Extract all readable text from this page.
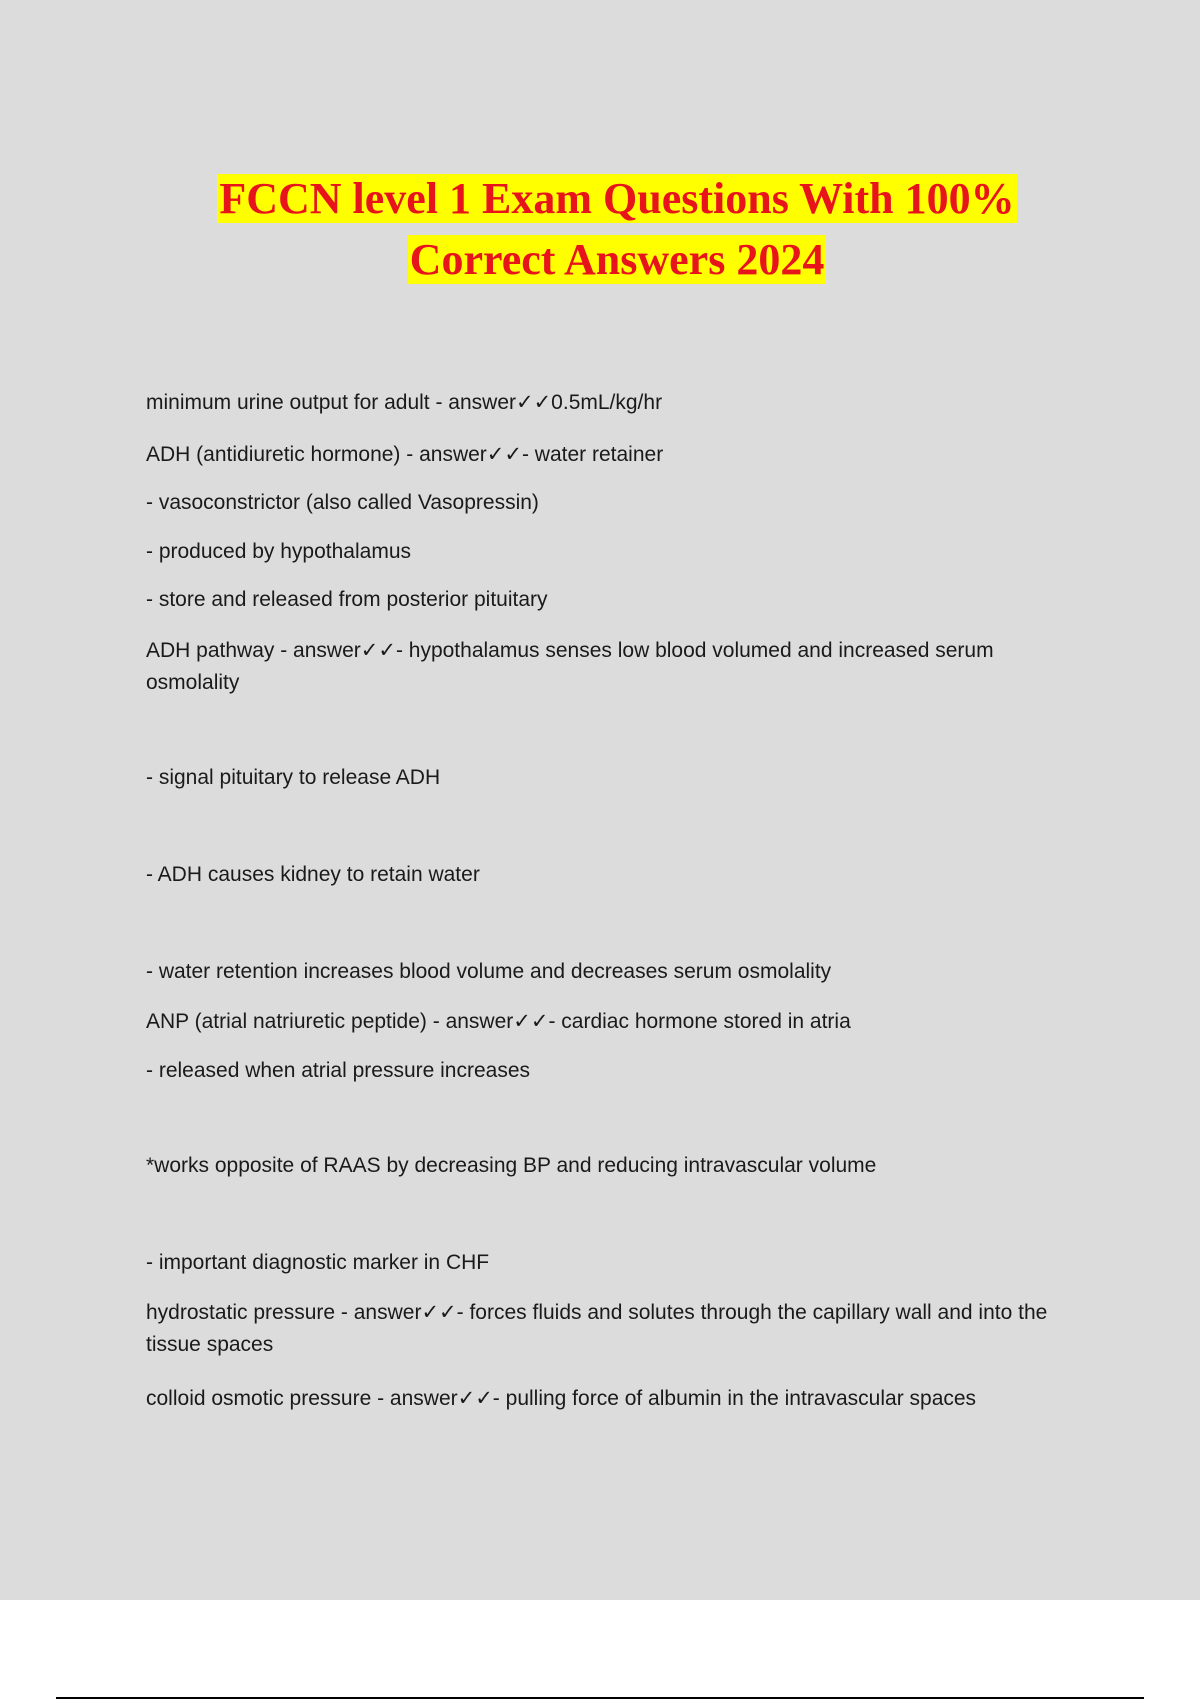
FCCN level 1 Exam Questions With 100%
Correct Answers 2024
minimum urine output for adult - answer✓✓0.5mL/kg/hr
ADH (antidiuretic hormone) - answer✓✓- water retainer
- vasoconstrictor (also called Vasopressin)
- produced by hypothalamus
- store and released from posterior pituitary
ADH pathway - answer✓✓- hypothalamus senses low blood volumed and increased serum osmolality
- signal pituitary to release ADH
- ADH causes kidney to retain water
- water retention increases blood volume and decreases serum osmolality
ANP (atrial natriuretic peptide) - answer✓✓- cardiac hormone stored in atria
- released when atrial pressure increases
*works opposite of RAAS by decreasing BP and reducing intravascular volume
- important diagnostic marker in CHF
hydrostatic pressure - answer✓✓- forces fluids and solutes through the capillary wall and into the tissue spaces
colloid osmotic pressure - answer✓✓- pulling force of albumin in the intravascular spaces
